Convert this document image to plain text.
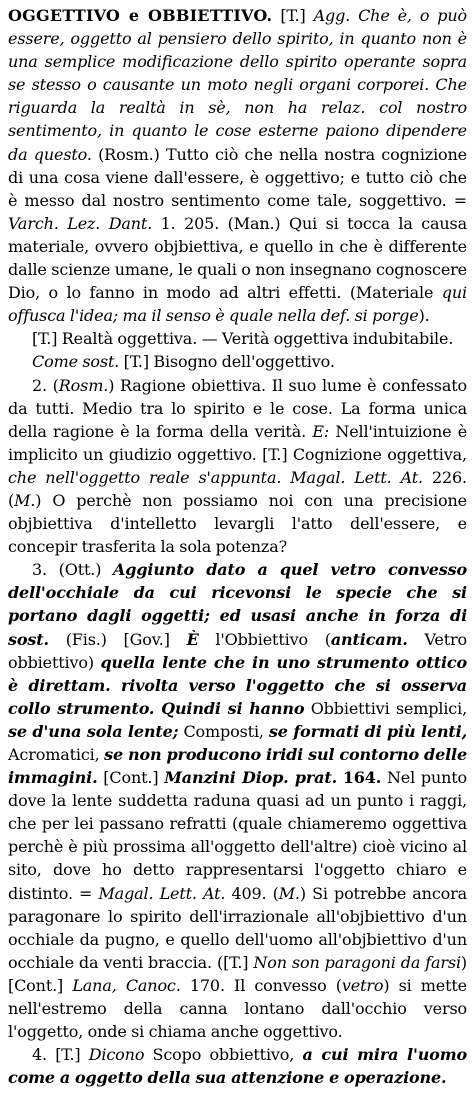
OGGETTIVO e OBBIETTIVO. [T.] Agg. Che è, o può essere, oggetto al pensiero dello spirito, in quanto non è una semplice modificazione dello spirito operante sopra se stesso o causante un moto negli organi corporei. Che riguarda la realtà in sè, non ha relaz. col nostro sentimento, in quanto le cose esterne paiono dipendere da questo. (Rosm.) Tutto ciò che nella nostra cognizione di una cosa viene dall'essere, è oggettivo; e tutto ciò che è messo dal nostro sentimento come tale, soggettivo. = Varch. Lez. Dant. 1. 205. (Man.) Qui si tocca la causa materiale, ovvero objbiettiva, e quello in che è differente dalle scienze umane, le quali o non insegnano cognoscere Dio, o lo fanno in modo ad altri effetti. (Materiale qui offusca l'idea; ma il senso è quale nella def. si porge).

[T.] Realtà oggettiva. — Verità oggettiva indubitabile.

Come sost. [T.] Bisogno dell'oggettivo.

2. (Rosm.) Ragione obiettiva. Il suo lume è confessato da tutti. Medio tra lo spirito e le cose. La forma unica della ragione è la forma della verità. E: Nell'intuizione è implicito un giudizio oggettivo. [T.] Cognizione oggettiva, che nell'oggetto reale s'appunta. Magal. Lett. At. 226. (M.) O perchè non possiamo noi con una precisione objbiettiva d'intelletto levargli l'atto dell'essere, e concepir trasferita la sola potenza?

3. (Ott.) Aggiunto dato a quel vetro convesso dell'occhiale da cui ricevonsi le specie che si portano dagli oggetti; ed usasi anche in forza di sost. (Fis.) [Gov.] È l'Obbiettivo (anticam. Vetro obbiettivo) quella lente che in uno strumento ottico è direttam. rivolta verso l'oggetto che si osserva collo strumento. Quindi si hanno Obbiettivi semplici, se d'una sola lente; Composti, se formati di più lenti, Acromatici, se non producono iridi sul contorno delle immagini. [Cont.] Manzini Diop. prat. 164. Nel punto dove la lente suddetta raduna quasi ad un punto i raggi, che per lei passano refratti (quale chiameremo oggettiva perchè è più prossima all'oggetto dell'altre) cioè vicino al sito, dove ho detto rappresentarsi l'oggetto chiaro e distinto. = Magal. Lett. At. 409. (M.) Si potrebbe ancora paragonare lo spirito dell'irrazionale all'objbiettivo d'un occhiale da pugno, e quello dell'uomo all'objbiettivo d'un occhiale da venti braccia. ([T.] Non son paragoni da farsi) [Cont.] Lana, Canoc. 170. Il convesso (vetro) si mette nell'estremo della canna lontano dall'occhio verso l'oggetto, onde si chiama anche oggettivo.

4. [T.] Dicono Scopo obbiettivo, a cui mira l'uomo come a oggetto della sua attenzione e operazione.
